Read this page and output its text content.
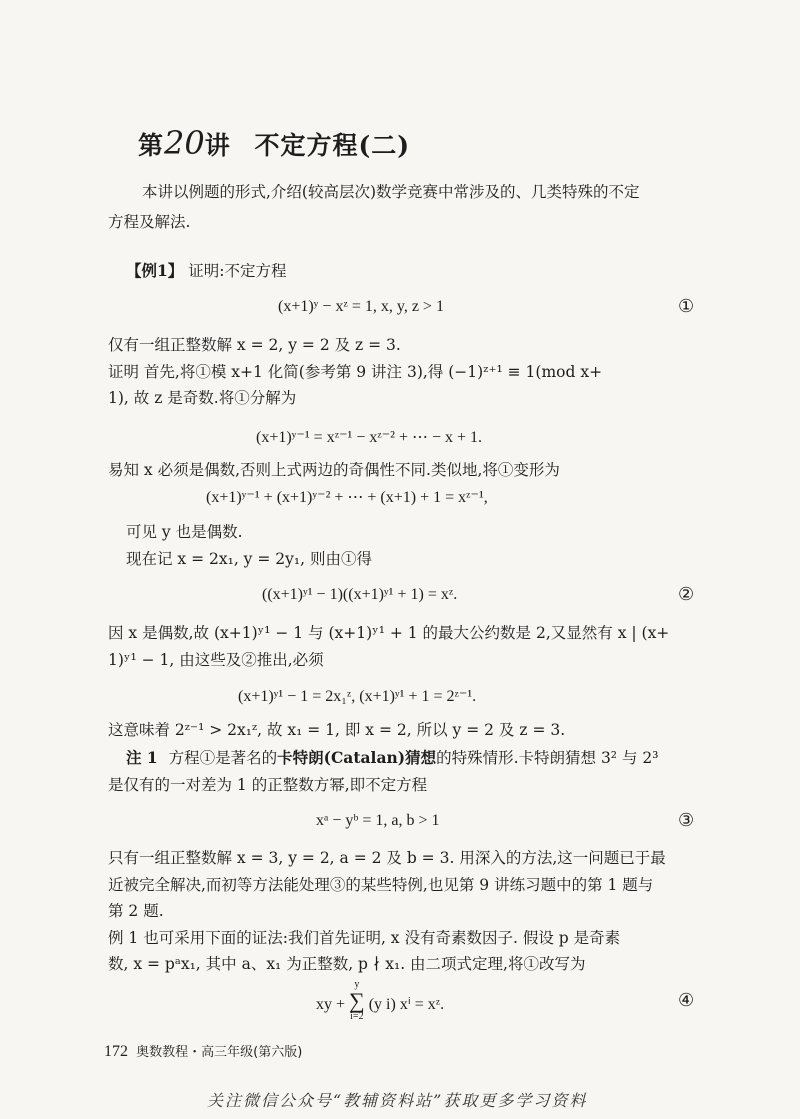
第20讲 不定方程(二)
本讲以例题的形式,介绍(较高层次)数学竞赛中常涉及的、几类特殊的不定
方程及解法.
【例1】 证明:不定方程
(x+1)ʸ − xᶻ = 1, x, y, z > 1	①
仅有一组正整数解 x = 2, y = 2 及 z = 3.
证明 首先,将①模 x+1 化简(参考第 9 讲注 3),得 (−1)ᶻ⁺¹ ≡ 1(mod x+
1), 故 z 是奇数.将①分解为
(x+1)ʸ⁻¹ = xᶻ⁻¹ − xᶻ⁻² + ⋯ − x + 1.
易知 x 必须是偶数,否则上式两边的奇偶性不同.类似地,将①变形为
(x+1)ʸ⁻¹ + (x+1)ʸ⁻² + ⋯ + (x+1) + 1 = xᶻ⁻¹,
可见 y 也是偶数.
现在记 x = 2x₁, y = 2y₁, 则由①得
((x+1)ʸ¹ − 1)((x+1)ʸ¹ + 1) = xᶻ.	②
因 x 是偶数,故 (x+1)ʸ¹ − 1 与 (x+1)ʸ¹ + 1 的最大公约数是 2,又显然有 x | (x+
1)ʸ¹ − 1, 由这些及②推出,必须
(x+1)ʸ¹ − 1 = 2x₁ᶻ, (x+1)ʸ¹ + 1 = 2ᶻ⁻¹.
这意味着 2ᶻ⁻¹ > 2x₁ᶻ, 故 x₁ = 1, 即 x = 2, 所以 y = 2 及 z = 3.
注 1 方程①是著名的卡特朗(Catalan)猜想的特殊情形.卡特朗猜想 3² 与 2³
是仅有的一对差为 1 的正整数方幂,即不定方程
xᵃ − yᵇ = 1, a, b > 1	③
只有一组正整数解 x = 3, y = 2, a = 2 及 b = 3. 用深入的方法,这一问题已于最
近被完全解决,而初等方法能处理③的某些特例,也见第 9 讲练习题中的第 1 题与
第 2 题.
例 1 也可采用下面的证法:我们首先证明, x 没有奇素数因子. 假设 p 是奇素
数, x = pᵃx₁, 其中 a、x₁ 为正整数, p ∤ x₁. 由二项式定理,将①改写为
xy +
y
∑
i=2
(y i) xⁱ = xᶻ.	④
172 奥数教程・高三年级(第六版)
关注微信公众号“教辅资料站”获取更多学习资料
